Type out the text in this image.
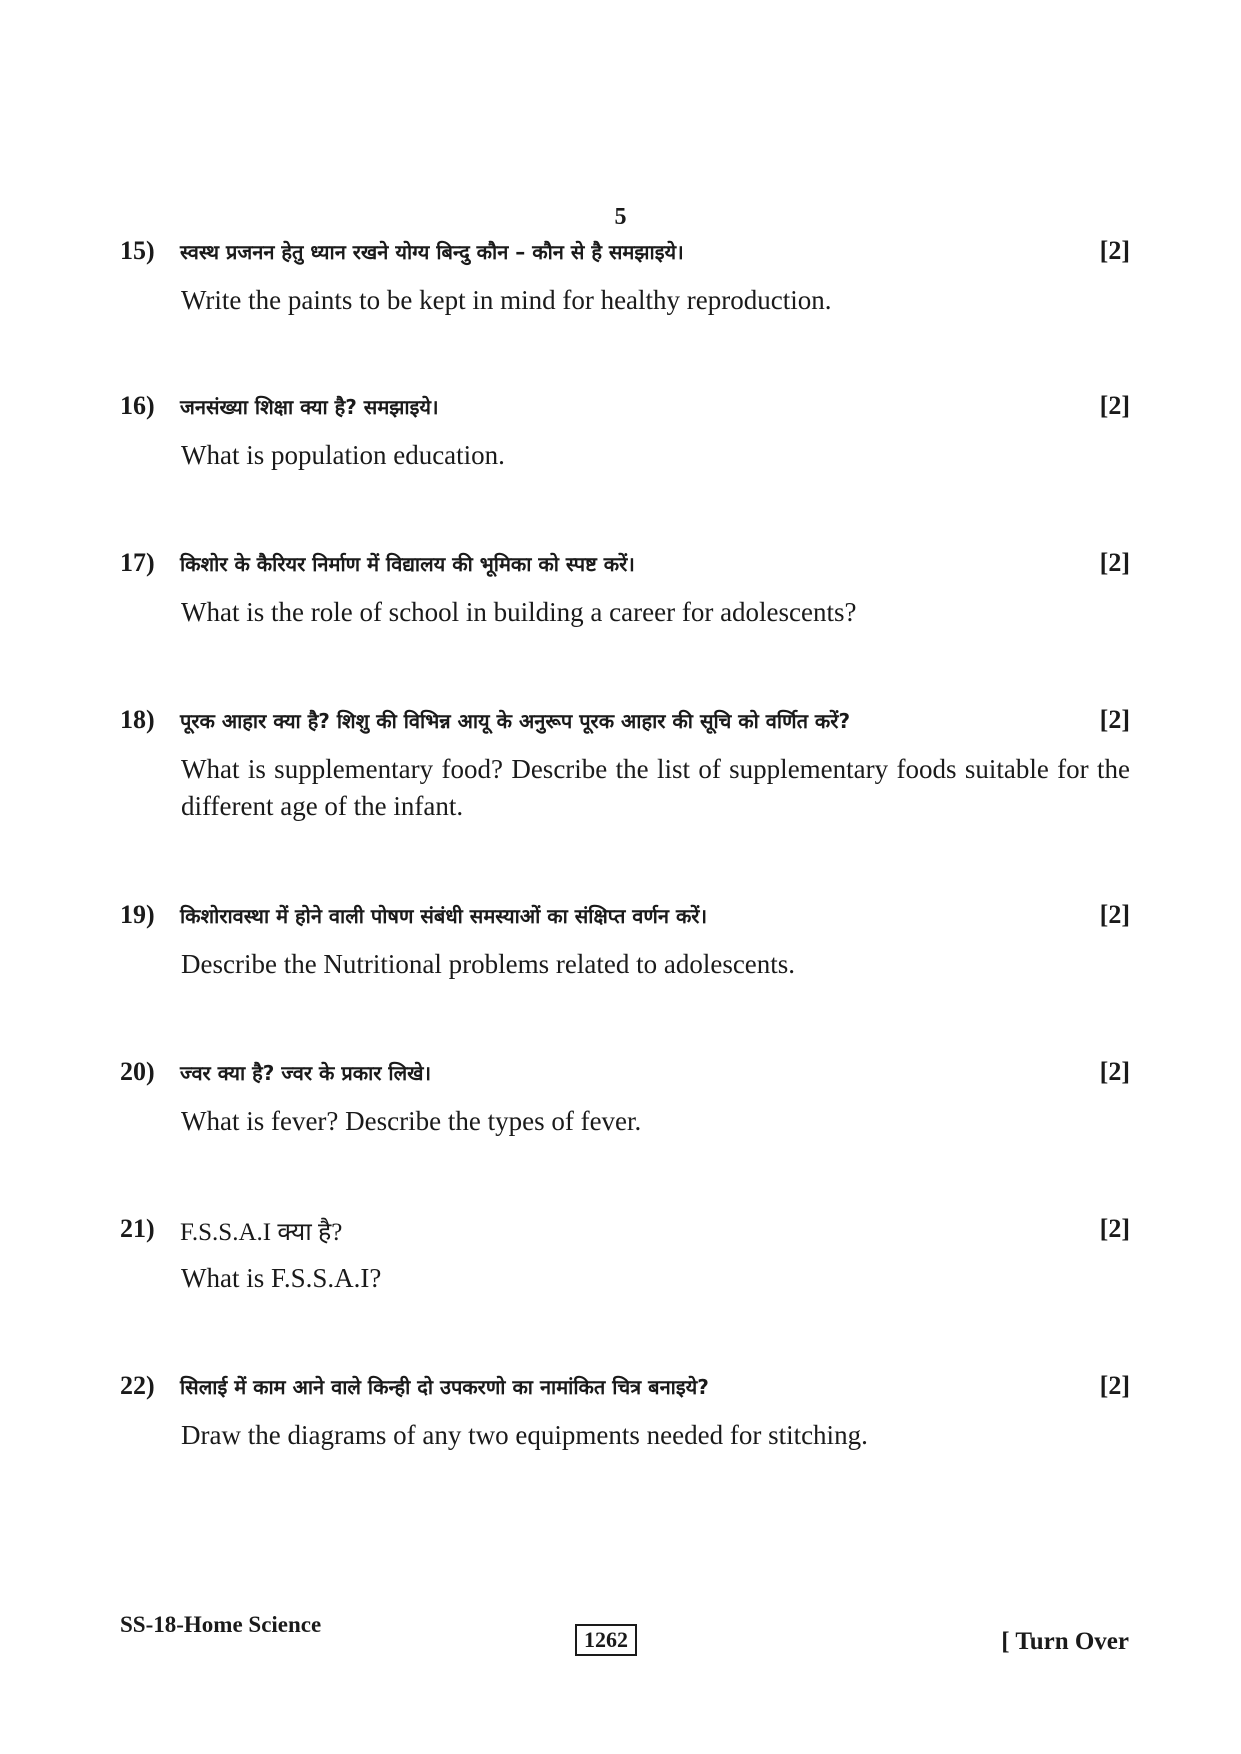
5
15) स्वस्थ प्रजनन हेतु ध्यान रखने योग्य बिन्दु कौन – कौन से है समझाइये।	[2]
Write the paints to be kept in mind for healthy reproduction.
16) जनसंख्या शिक्षा क्या है? समझाइये।	[2]
What is population education.
17) किशोर के कैरियर निर्माण में विद्यालय की भूमिका को स्पष्ट करें।	[2]
What is the role of school in building a career for adolescents?
18) पूरक आहार क्या है? शिशु की विभिन्न आयू के अनुरूप पूरक आहार की सूचि को वर्णित करें?	[2]
What is supplementary food? Describe the list of supplementary foods suitable for the different age of the infant.
19) किशोरावस्था में होने वाली पोषण संबंधी समस्याओं का संक्षिप्त वर्णन करें।	[2]
Describe the Nutritional problems related to adolescents.
20) ज्वर क्या है? ज्वर के प्रकार लिखे।	[2]
What is fever? Describe the types of fever.
21) F.S.S.A.I क्या है?	[2]
What is F.S.S.A.I?
22) सिलाई में काम आने वाले किन्ही दो उपकरणो का नामांकित चित्र बनाइये?	[2]
Draw the diagrams of any two equipments needed for stitching.
SS-18-Home Science
1262	[ Turn Over
